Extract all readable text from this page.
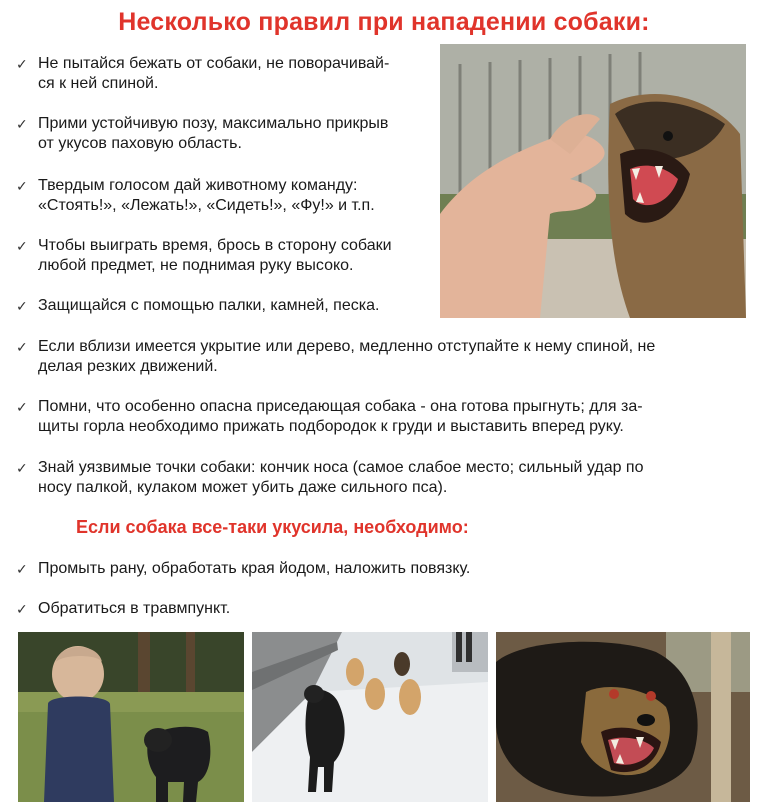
Несколько правил при нападении собаки:
✓ Не пытайся бежать от собаки, не поворачивай-
ся к ней спиной.
✓ Прими устойчивую позу, максимально прикрыв
от укусов паховую область.
✓ Твердым голосом дай животному команду:
«Стоять!», «Лежать!», «Сидеть!», «Фу!» и т.п.
✓ Чтобы выиграть время, брось в сторону собаки
любой предмет, не поднимая руку высоко.
✓ Защищайся с помощью палки, камней, песка.
✓ Если вблизи имеется укрытие или дерево, медленно отступайте к нему спиной, не
делая резких движений.
✓ Помни, что особенно опасна приседающая собака - она готова прыгнуть; для за-
щиты горла необходимо прижать подбородок к груди и выставить вперед руку.
✓ Знай уязвимые точки собаки: кончик носа (самое слабое место; сильный удар по
носу палкой, кулаком может убить даже сильного пса).
Если собака все-таки укусила, необходимо:
✓ Промыть рану, обработать края йодом, наложить повязку.
✓ Обратиться в травмпункт.
